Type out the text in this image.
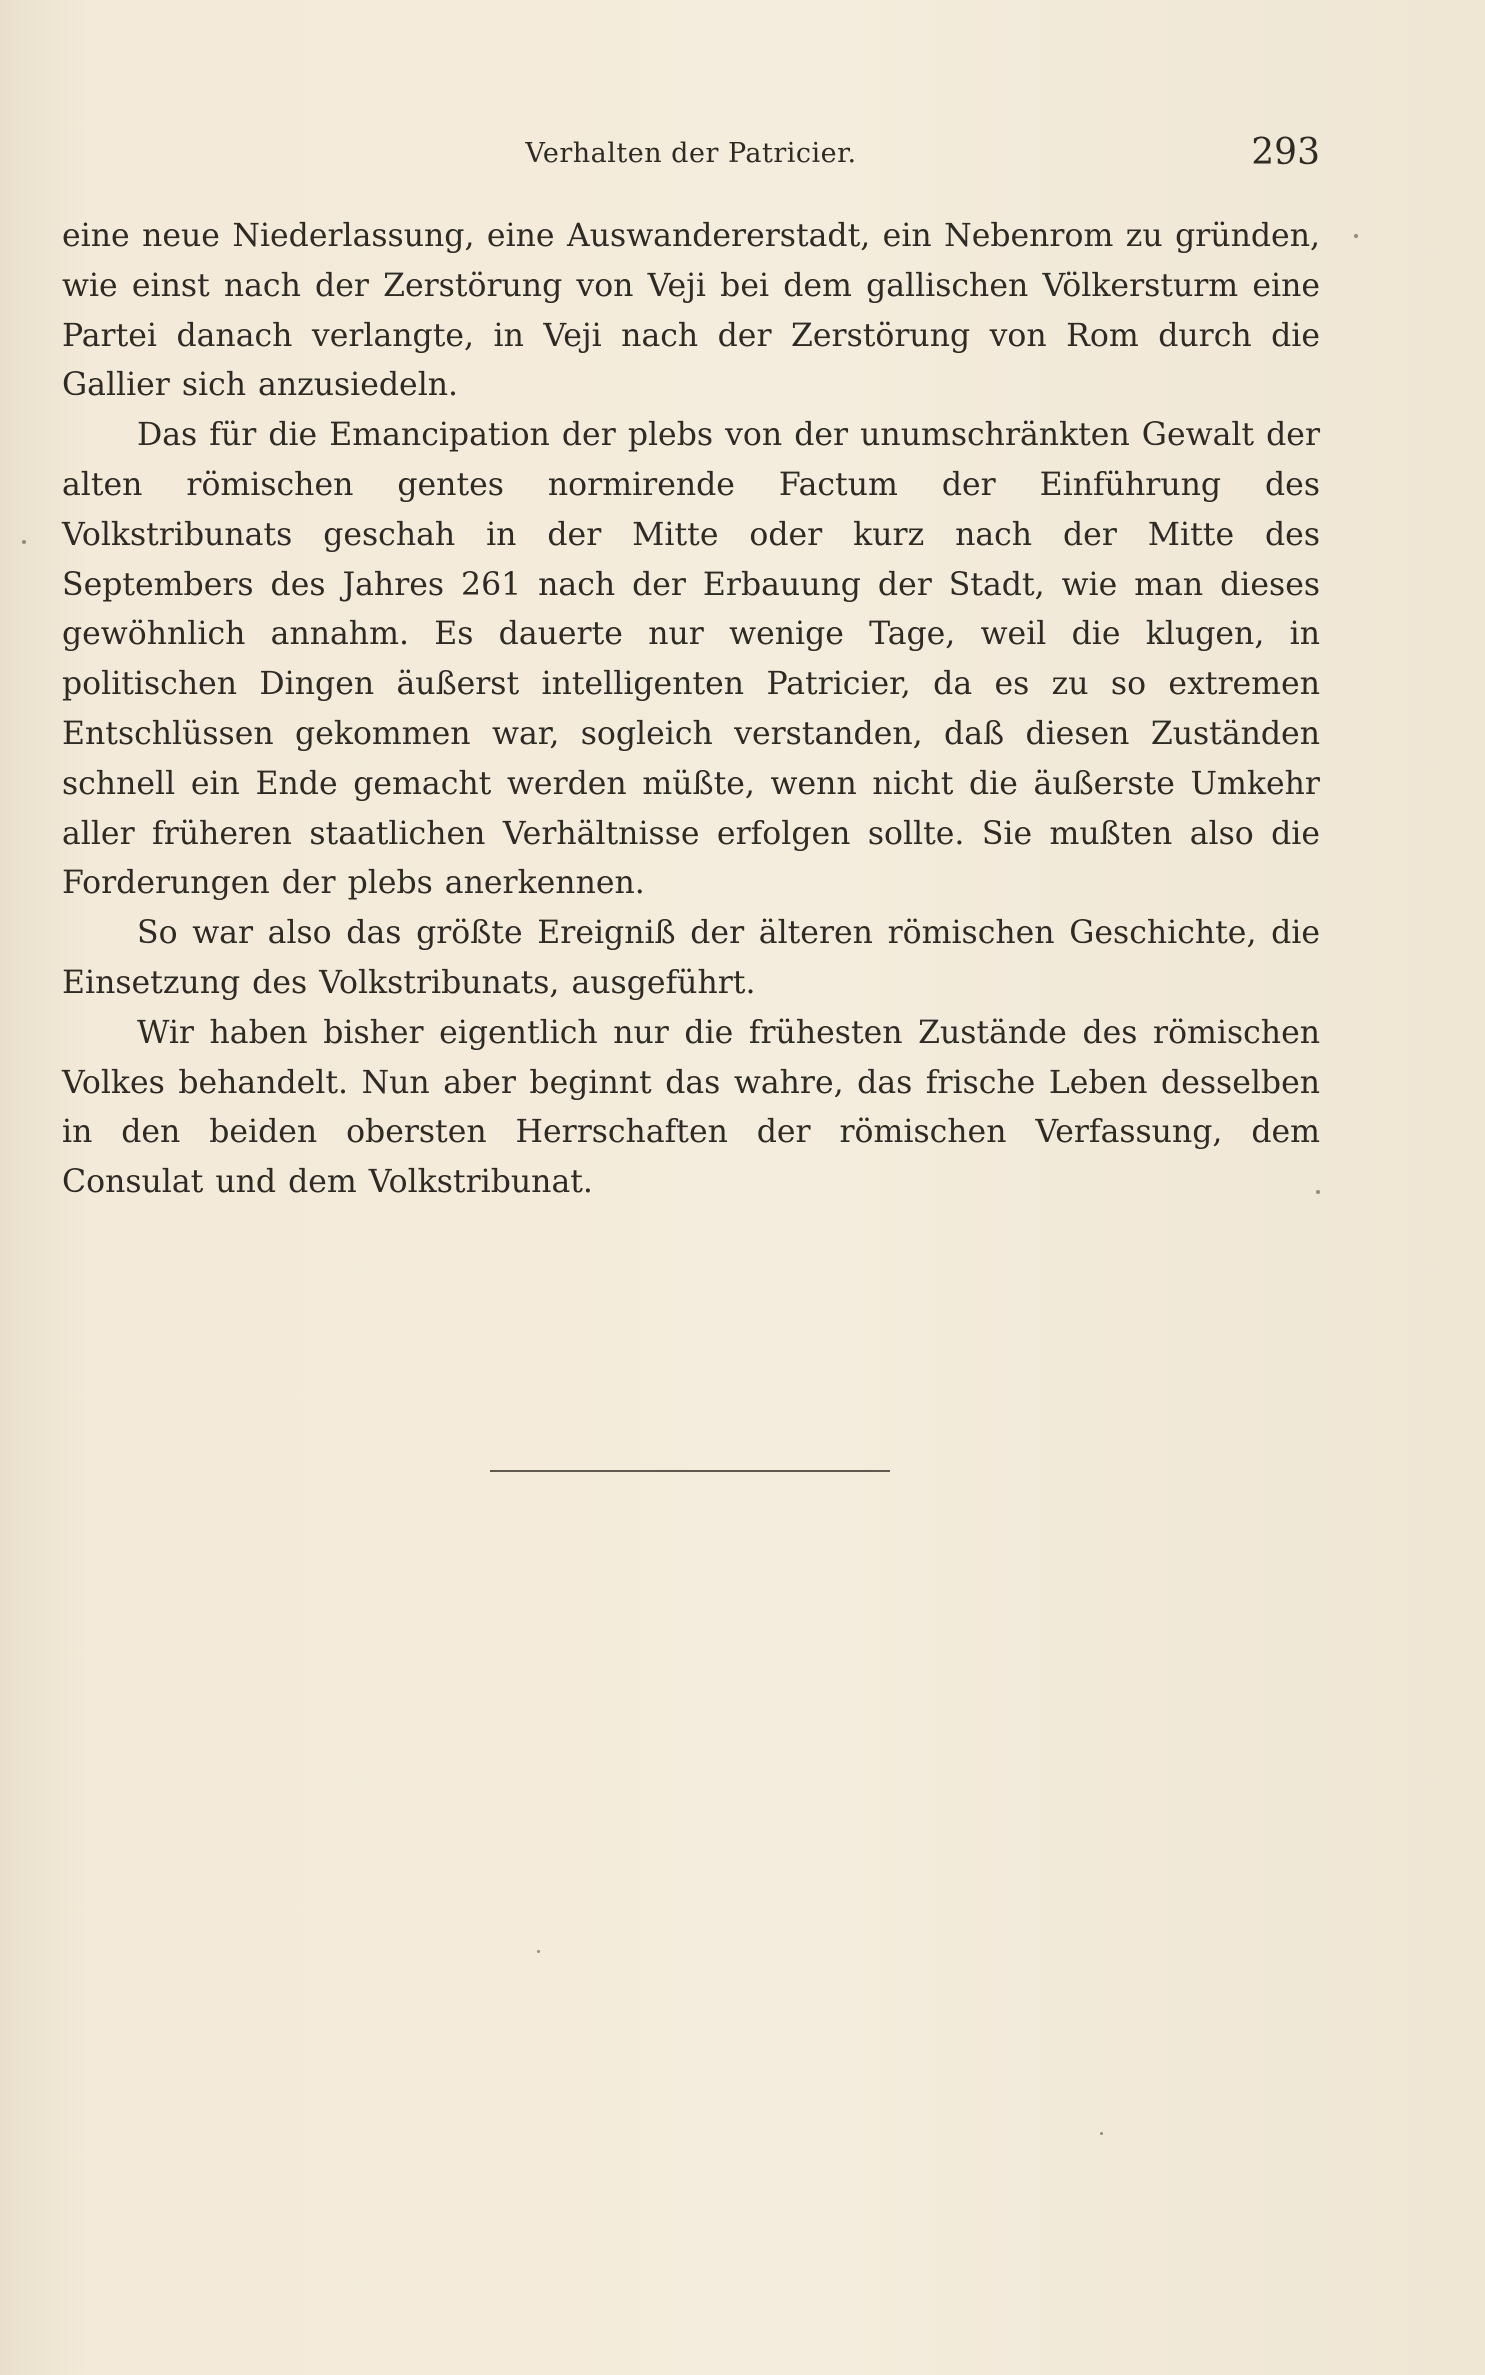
Verhalten der Patricier.	293

eine neue Niederlassung, eine Auswandererstadt, ein Nebenrom zu gründen, wie einst nach der Zerstörung von Veji bei dem gallischen Völkersturm eine Partei danach verlangte, in Veji nach der Zerstörung von Rom durch die Gallier sich anzusiedeln.

Das für die Emancipation der plebs von der unumschränkten Gewalt der alten römischen gentes normirende Factum der Einführung des Volkstribunats geschah in der Mitte oder kurz nach der Mitte des Septembers des Jahres 261 nach der Erbauung der Stadt, wie man dieses gewöhnlich annahm. Es dauerte nur wenige Tage, weil die klugen, in politischen Dingen äußerst intelligenten Patricier, da es zu so extremen Entschlüssen gekommen war, sogleich verstanden, daß diesen Zuständen schnell ein Ende gemacht werden müßte, wenn nicht die äußerste Umkehr aller früheren staatlichen Verhältnisse erfolgen sollte. Sie mußten also die Forderungen der plebs anerkennen.

So war also das größte Ereigniß der älteren römischen Geschichte, die Einsetzung des Volkstribunats, ausgeführt.

Wir haben bisher eigentlich nur die frühesten Zustände des römischen Volkes behandelt. Nun aber beginnt das wahre, das frische Leben desselben in den beiden obersten Herrschaften der römischen Verfassung, dem Consulat und dem Volkstribunat.
